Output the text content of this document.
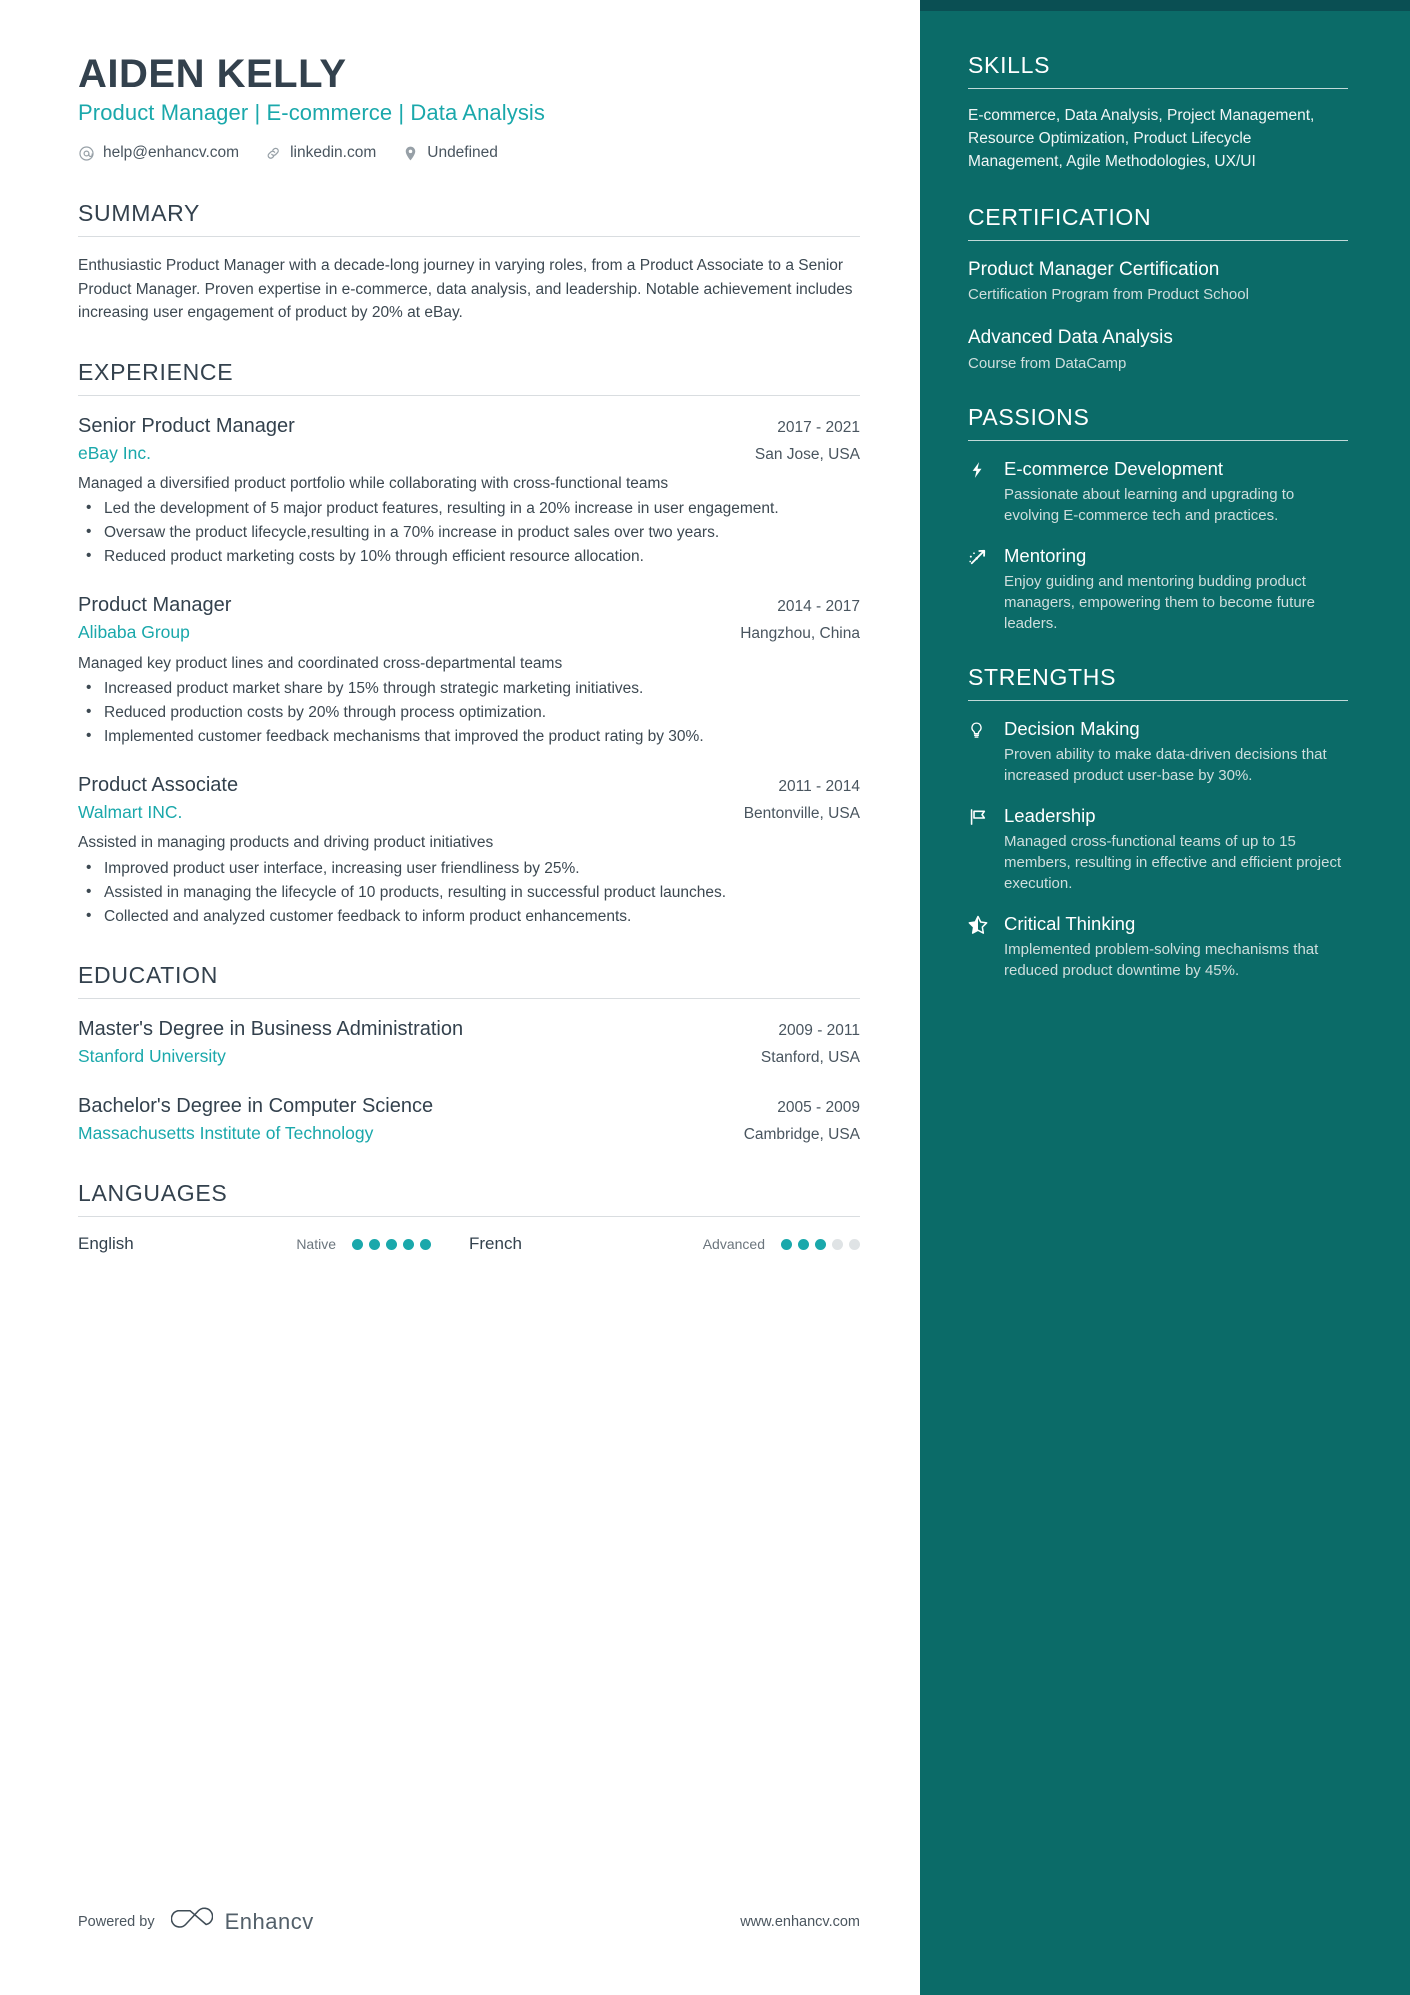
AIDEN KELLY
Product Manager | E-commerce | Data Analysis
help@enhancv.com	linkedin.com	Undefined
SUMMARY
Enthusiastic Product Manager with a decade-long journey in varying roles, from a Product Associate to a Senior Product Manager. Proven expertise in e-commerce, data analysis, and leadership. Notable achievement includes increasing user engagement of product by 20% at eBay.
EXPERIENCE
Senior Product Manager	2017 - 2021
eBay Inc.	San Jose, USA
Managed a diversified product portfolio while collaborating with cross-functional teams
• Led the development of 5 major product features, resulting in a 20% increase in user engagement.
• Oversaw the product lifecycle,resulting in a 70% increase in product sales over two years.
• Reduced product marketing costs by 10% through efficient resource allocation.
Product Manager	2014 - 2017
Alibaba Group	Hangzhou, China
Managed key product lines and coordinated cross-departmental teams
• Increased product market share by 15% through strategic marketing initiatives.
• Reduced production costs by 20% through process optimization.
• Implemented customer feedback mechanisms that improved the product rating by 30%.
Product Associate	2011 - 2014
Walmart INC.	Bentonville, USA
Assisted in managing products and driving product initiatives
• Improved product user interface, increasing user friendliness by 25%.
• Assisted in managing the lifecycle of 10 products, resulting in successful product launches.
• Collected and analyzed customer feedback to inform product enhancements.
EDUCATION
Master's Degree in Business Administration	2009 - 2011
Stanford University	Stanford, USA
Bachelor's Degree in Computer Science	2005 - 2009
Massachusetts Institute of Technology	Cambridge, USA
LANGUAGES
English	Native	French	Advanced
Powered by	Enhancv	www.enhancv.com
SKILLS
E-commerce, Data Analysis, Project Management, Resource Optimization, Product Lifecycle Management, Agile Methodologies, UX/UI
CERTIFICATION
Product Manager Certification
Certification Program from Product School
Advanced Data Analysis
Course from DataCamp
PASSIONS
E-commerce Development
Passionate about learning and upgrading to evolving E-commerce tech and practices.
Mentoring
Enjoy guiding and mentoring budding product managers, empowering them to become future leaders.
STRENGTHS
Decision Making
Proven ability to make data-driven decisions that increased product user-base by 30%.
Leadership
Managed cross-functional teams of up to 15 members, resulting in effective and efficient project execution.
Critical Thinking
Implemented problem-solving mechanisms that reduced product downtime by 45%.
